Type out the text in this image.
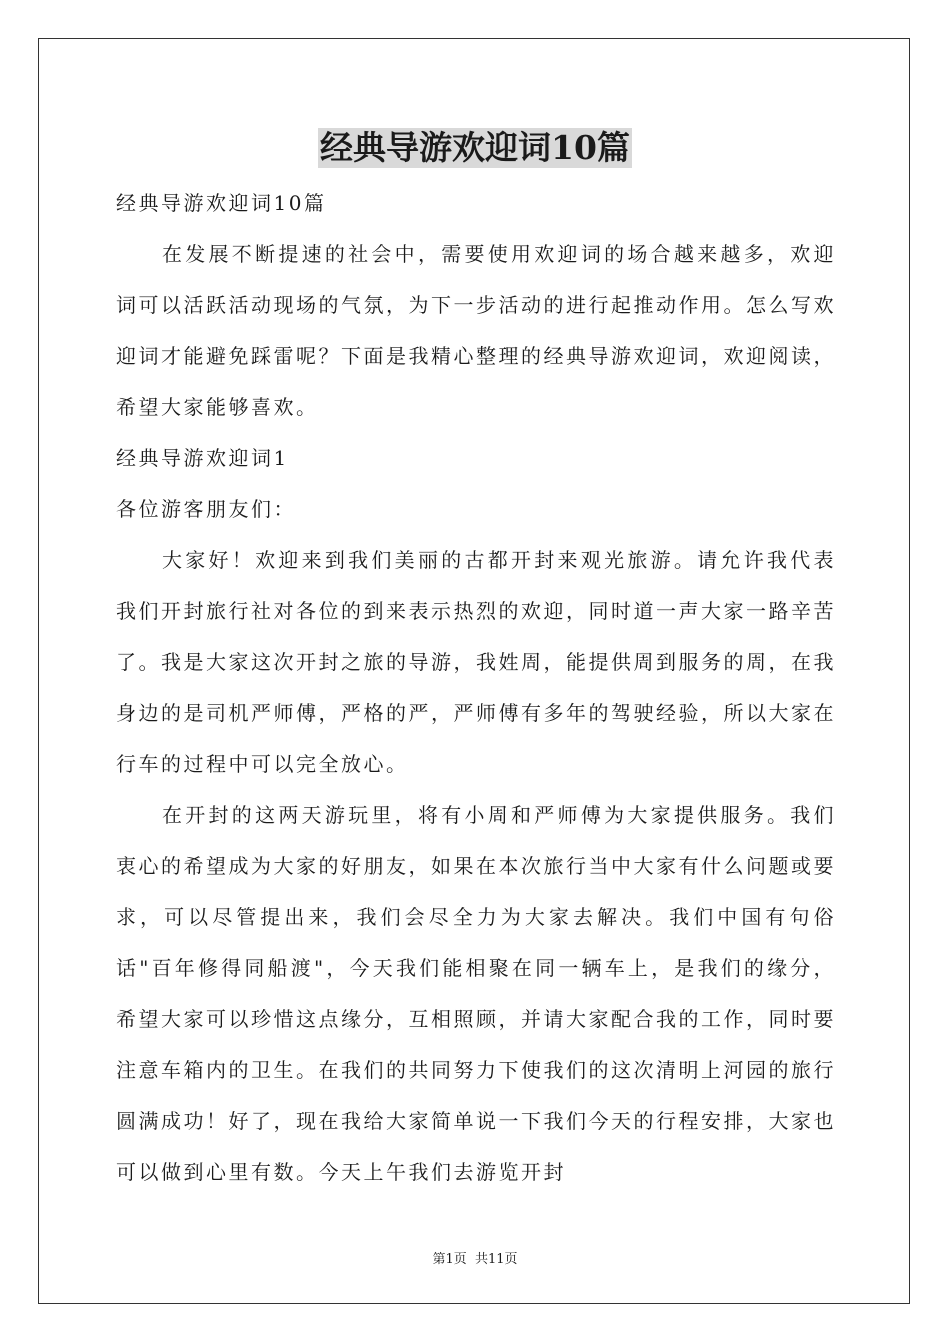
经典导游欢迎词10篇

经典导游欢迎词10篇

在发展不断提速的社会中，需要使用欢迎词的场合越来越多，欢迎词可以活跃活动现场的气氛，为下一步活动的进行起推动作用。怎么写欢迎词才能避免踩雷呢？下面是我精心整理的经典导游欢迎词，欢迎阅读，希望大家能够喜欢。

经典导游欢迎词1

各位游客朋友们：

大家好！欢迎来到我们美丽的古都开封来观光旅游。请允许我代表我们开封旅行社对各位的到来表示热烈的欢迎，同时道一声大家一路辛苦了。我是大家这次开封之旅的导游，我姓周，能提供周到服务的周，在我身边的是司机严师傅，严格的严，严师傅有多年的驾驶经验，所以大家在行车的过程中可以完全放心。

在开封的这两天游玩里，将有小周和严师傅为大家提供服务。我们衷心的希望成为大家的好朋友，如果在本次旅行当中大家有什么问题或要求，可以尽管提出来，我们会尽全力为大家去解决。我们中国有句俗话"百年修得同船渡"，今天我们能相聚在同一辆车上，是我们的缘分，希望大家可以珍惜这点缘分，互相照顾，并请大家配合我的工作，同时要注意车箱内的卫生。在我们的共同努力下使我们的这次清明上河园的旅行圆满成功！好了，现在我给大家简单说一下我们今天的行程安排，大家也可以做到心里有数。今天上午我们去游览开封

第1页 共11页
